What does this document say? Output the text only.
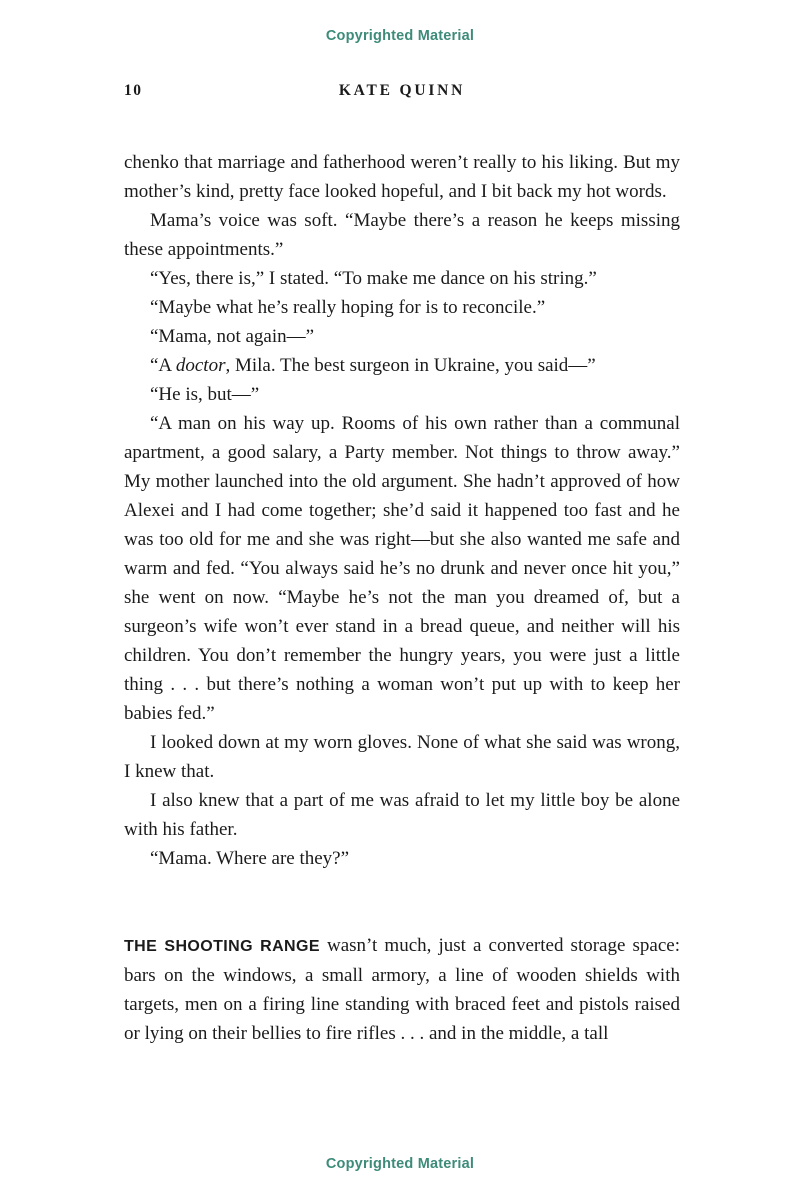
Copyrighted Material
10	KATE QUINN

chenko that marriage and fatherhood weren’t really to his liking. But my mother’s kind, pretty face looked hopeful, and I bit back my hot words.

Mama’s voice was soft. “Maybe there’s a reason he keeps missing these appointments.”

“Yes, there is,” I stated. “To make me dance on his string.”

“Maybe what he’s really hoping for is to reconcile.”

“Mama, not again—”

“A doctor, Mila. The best surgeon in Ukraine, you said—”

“He is, but—”

“A man on his way up. Rooms of his own rather than a communal apartment, a good salary, a Party member. Not things to throw away.” My mother launched into the old argument. She hadn’t approved of how Alexei and I had come together; she’d said it happened too fast and he was too old for me and she was right—but she also wanted me safe and warm and fed. “You always said he’s no drunk and never once hit you,” she went on now. “Maybe he’s not the man you dreamed of, but a surgeon’s wife won’t ever stand in a bread queue, and neither will his children. You don’t remember the hungry years, you were just a little thing . . . but there’s nothing a woman won’t put up with to keep her babies fed.”

I looked down at my worn gloves. None of what she said was wrong, I knew that.

I also knew that a part of me was afraid to let my little boy be alone with his father.

“Mama. Where are they?”

THE SHOOTING RANGE wasn’t much, just a converted storage space: bars on the windows, a small armory, a line of wooden shields with targets, men on a firing line standing with braced feet and pistols raised or lying on their bellies to fire rifles . . . and in the middle, a tall

Copyrighted Material
